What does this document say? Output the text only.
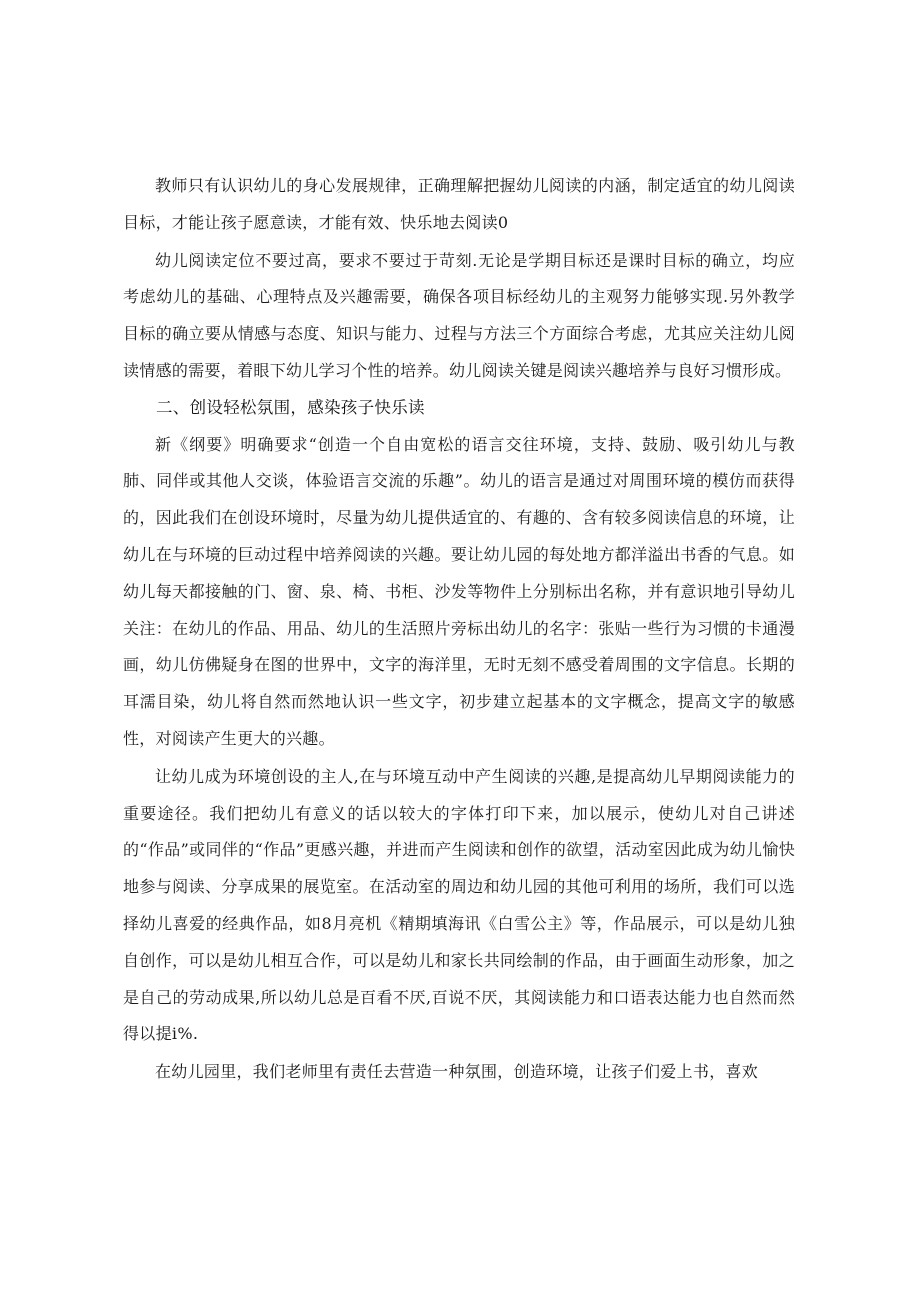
教师只有认识幼儿的身心发展规律，正确理解把握幼儿阅读的内涵，制定适宜的幼儿阅读目标，才能让孩子愿意读，才能有效、快乐地去阅读0

幼儿阅读定位不要过高，要求不要过于苛刻.无论是学期目标还是课时目标的确立，均应考虑幼儿的基础、心理特点及兴趣需要，确保各项目标经幼儿的主观努力能够实现.另外教学目标的确立要从情感与态度、知识与能力、过程与方法三个方面综合考虑，尤其应关注幼儿阅读情感的需要，着眼下幼儿学习个性的培养。幼儿阅读关键是阅读兴趣培养与良好习惯形成。

二、创设轻松氛围，感染孩子快乐读

新《纲要》明确要求“创造一个自由宽松的语言交往环境，支持、鼓励、吸引幼儿与教肺、同伴或其他人交谈，体验语言交流的乐趣”。幼儿的语言是通过对周围环境的模仿而获得的，因此我们在创设环境时，尽量为幼儿提供适宜的、有趣的、含有较多阅读信息的环境，让幼儿在与环境的巨动过程中培养阅读的兴趣。要让幼儿园的每处地方都洋溢出书香的气息。如幼儿每天都接触的门、窗、泉、椅、书柜、沙发等物件上分别标出名称，并有意识地引导幼儿关注：在幼儿的作品、用品、幼儿的生活照片旁标出幼儿的名字：张贴一些行为习惯的卡通漫画，幼儿仿佛疑身在图的世界中，文字的海洋里，无时无刻不感受着周围的文字信息。长期的耳濡目染，幼儿将自然而然地认识一些文字，初步建立起基本的文字概念，提高文字的敏感性，对阅读产生更大的兴趣。

让幼儿成为环境创设的主人,在与环境互动中产生阅读的兴趣,是提高幼儿早期阅读能力的重要途径。我们把幼儿有意义的话以较大的字体打印下来，加以展示，使幼儿对自己讲述的“作品”或同伴的“作品”更感兴趣，并进而产生阅读和创作的欲望，活动室因此成为幼儿愉快地参与阅读、分享成果的展览室。在活动室的周边和幼儿园的其他可利用的场所，我们可以选择幼儿喜爱的经典作品，如8月亮机《精期填海讯《白雪公主》等，作品展示，可以是幼儿独自创作，可以是幼儿相互合作，可以是幼儿和家长共同绘制的作品，由于画面生动形象，加之是自己的劳动成果,所以幼儿总是百看不厌,百说不厌，其阅读能力和口语表达能力也自然而然得以提i%.

在幼儿园里，我们老师里有责任去营造一种氛围，创造环境，让孩子们爱上书，喜欢
